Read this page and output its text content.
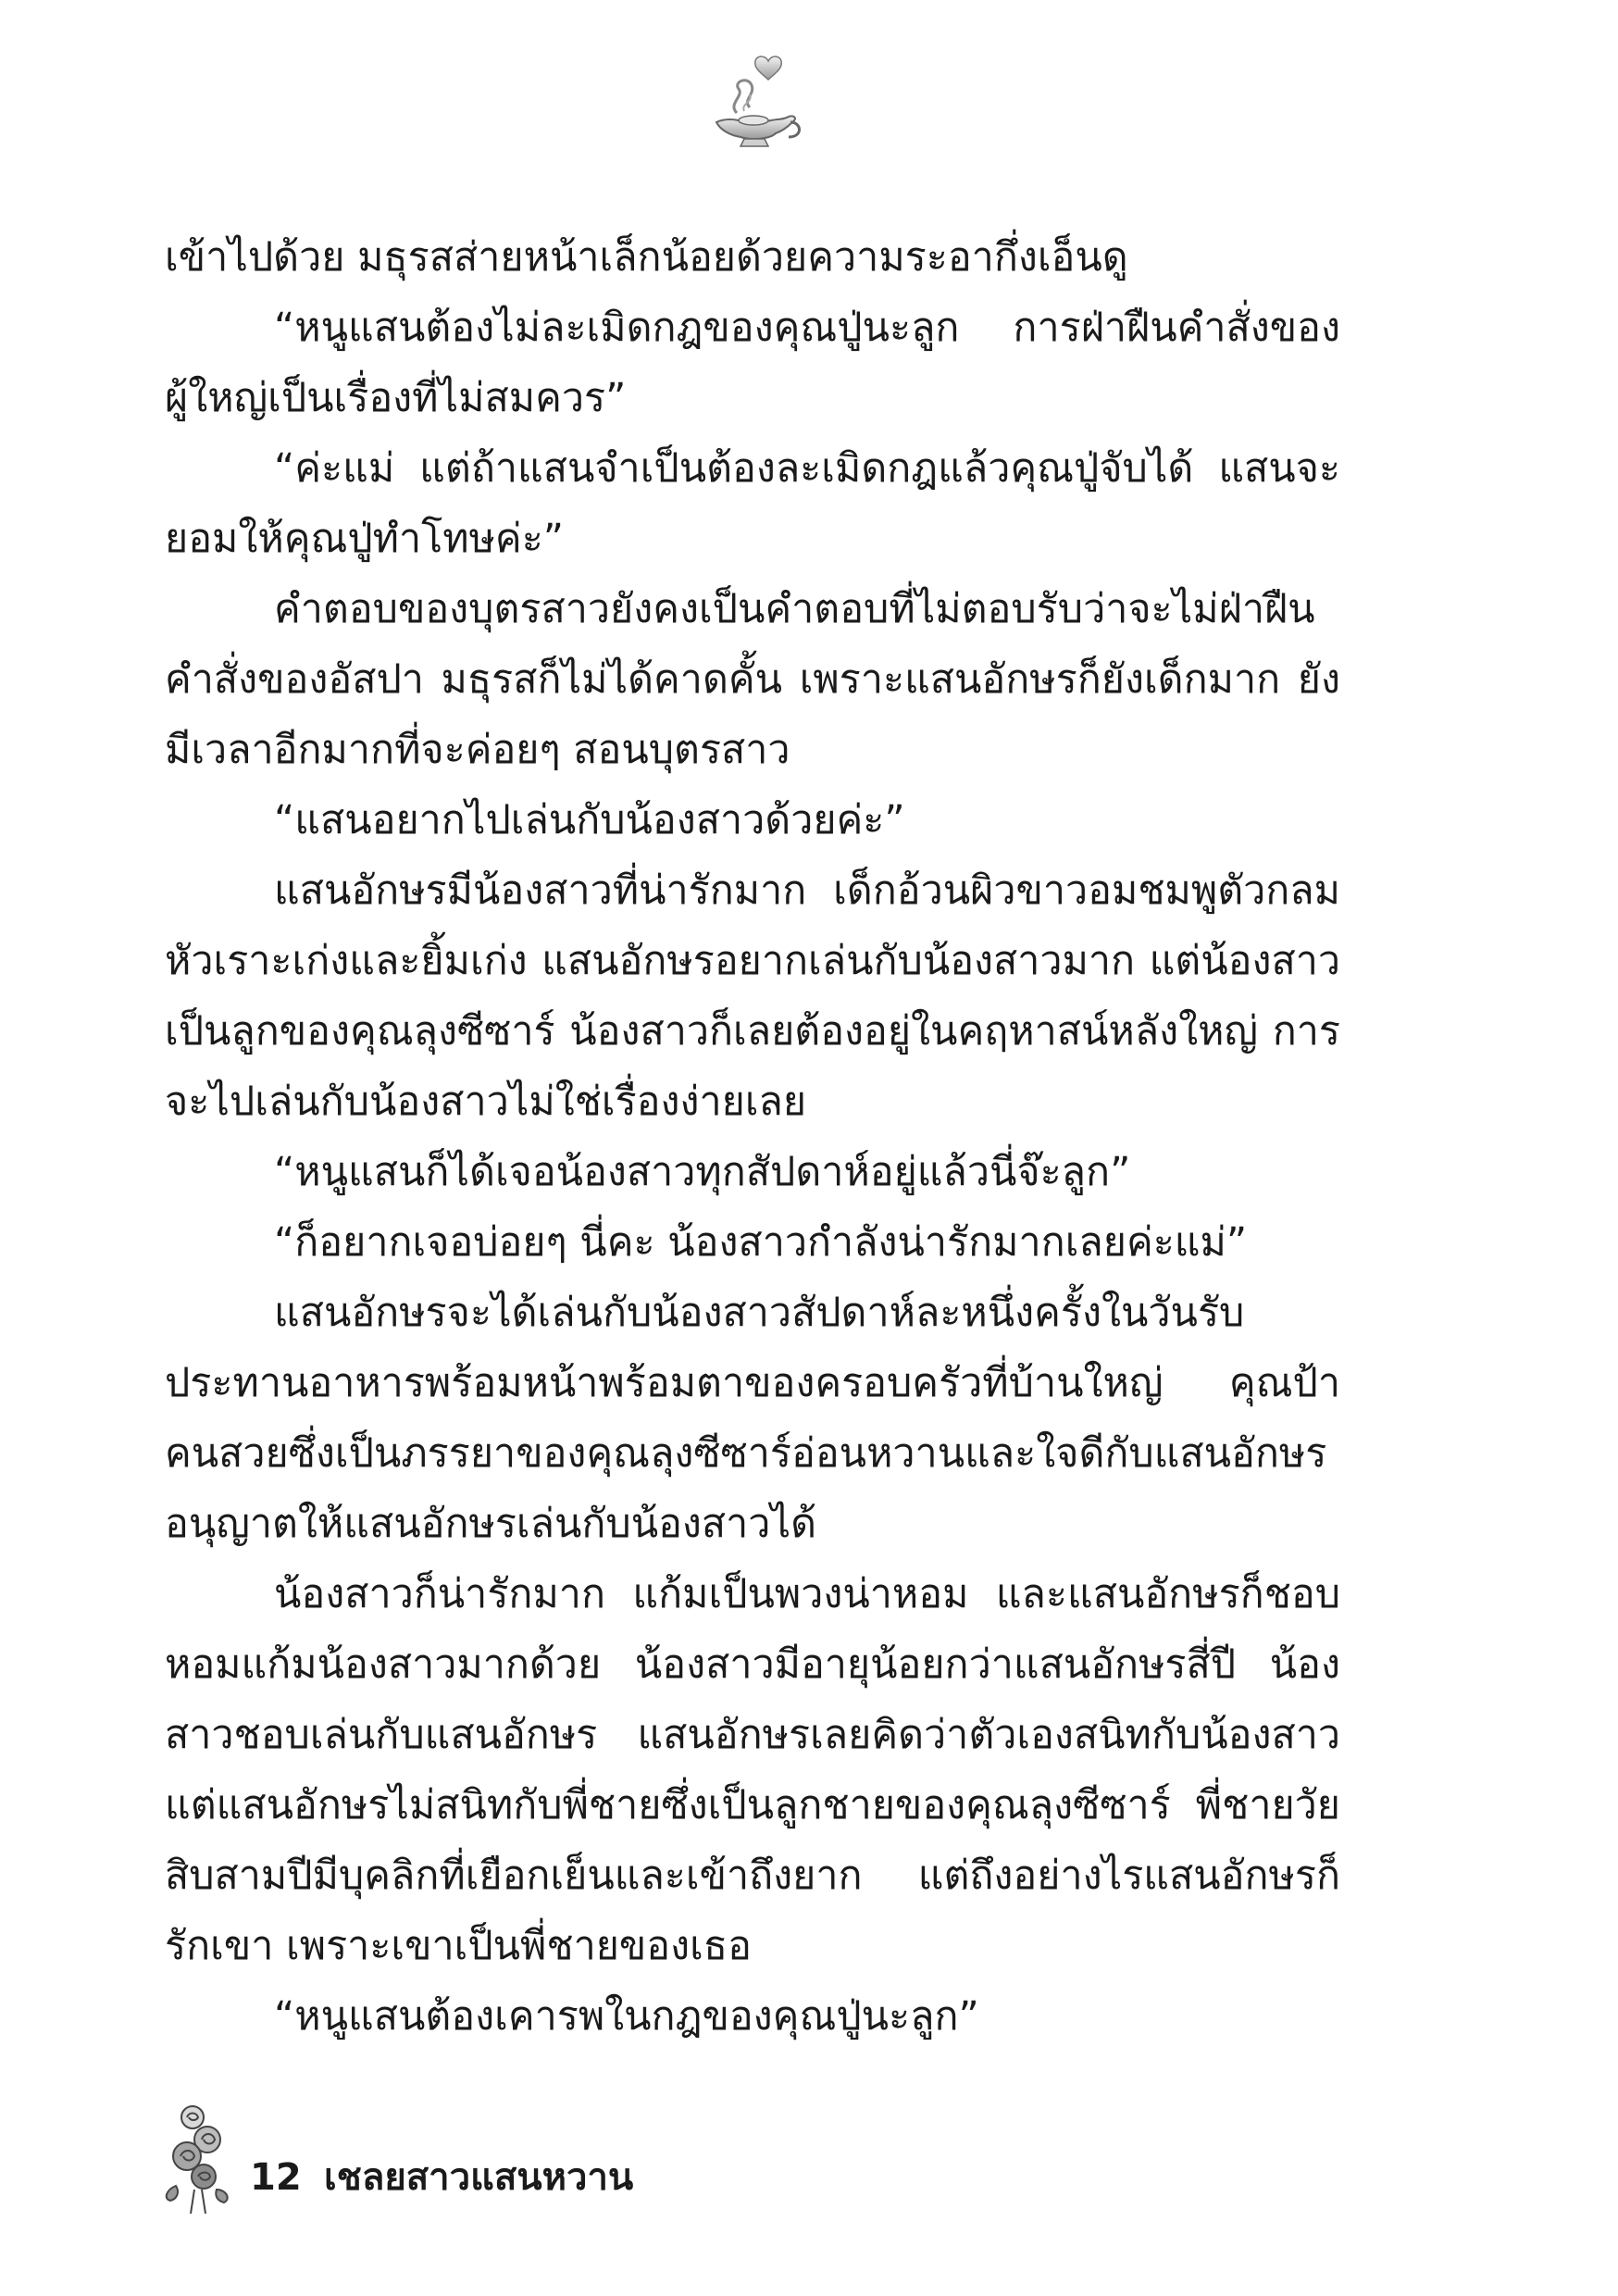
เข้าไปด้วย มธุรสส่ายหน้าเล็กน้อยด้วยความระอากึ่งเอ็นดู

“หนูแสนต้องไม่ละเมิดกฎของคุณปู่นะลูก การฝ่าฝืนคำสั่งของผู้ใหญ่เป็นเรื่องที่ไม่สมควร”

“ค่ะแม่ แต่ถ้าแสนจำเป็นต้องละเมิดกฎแล้วคุณปู่จับได้ แสนจะยอมให้คุณปู่ทำโทษค่ะ”

คำตอบของบุตรสาวยังคงเป็นคำตอบที่ไม่ตอบรับว่าจะไม่ฝ่าฝืนคำสั่งของอัสปา มธุรสก็ไม่ได้คาดคั้น เพราะแสนอักษรก็ยังเด็กมาก ยังมีเวลาอีกมากที่จะค่อยๆ สอนบุตรสาว

“แสนอยากไปเล่นกับน้องสาวด้วยค่ะ”

แสนอักษรมีน้องสาวที่น่ารักมาก เด็กอ้วนผิวขาวอมชมพูตัวกลมหัวเราะเก่งและยิ้มเก่ง แสนอักษรอยากเล่นกับน้องสาวมาก แต่น้องสาวเป็นลูกของคุณลุงซีซาร์ น้องสาวก็เลยต้องอยู่ในคฤหาสน์หลังใหญ่ การจะไปเล่นกับน้องสาวไม่ใช่เรื่องง่ายเลย

“หนูแสนก็ได้เจอน้องสาวทุกสัปดาห์อยู่แล้วนี่จ๊ะลูก”

“ก็อยากเจอบ่อยๆ นี่คะ น้องสาวกำลังน่ารักมากเลยค่ะแม่”

แสนอักษรจะได้เล่นกับน้องสาวสัปดาห์ละหนึ่งครั้งในวันรับประทานอาหารพร้อมหน้าพร้อมตาของครอบครัวที่บ้านใหญ่ คุณป้าคนสวยซึ่งเป็นภรรยาของคุณลุงซีซาร์อ่อนหวานและใจดีกับแสนอักษร อนุญาตให้แสนอักษรเล่นกับน้องสาวได้

น้องสาวก็น่ารักมาก แก้มเป็นพวงน่าหอม และแสนอักษรก็ชอบหอมแก้มน้องสาวมากด้วย น้องสาวมีอายุน้อยกว่าแสนอักษรสี่ปี น้องสาวชอบเล่นกับแสนอักษร แสนอักษรเลยคิดว่าตัวเองสนิทกับน้องสาว แต่แสนอักษรไม่สนิทกับพี่ชายซึ่งเป็นลูกชายของคุณลุงซีซาร์ พี่ชายวัยสิบสามปีมีบุคลิกที่เยือกเย็นและเข้าถึงยาก แต่ถึงอย่างไรแสนอักษรก็รักเขา เพราะเขาเป็นพี่ชายของเธอ

“หนูแสนต้องเคารพในกฎของคุณปู่นะลูก”

12 เชลยสาวแสนหวาน
